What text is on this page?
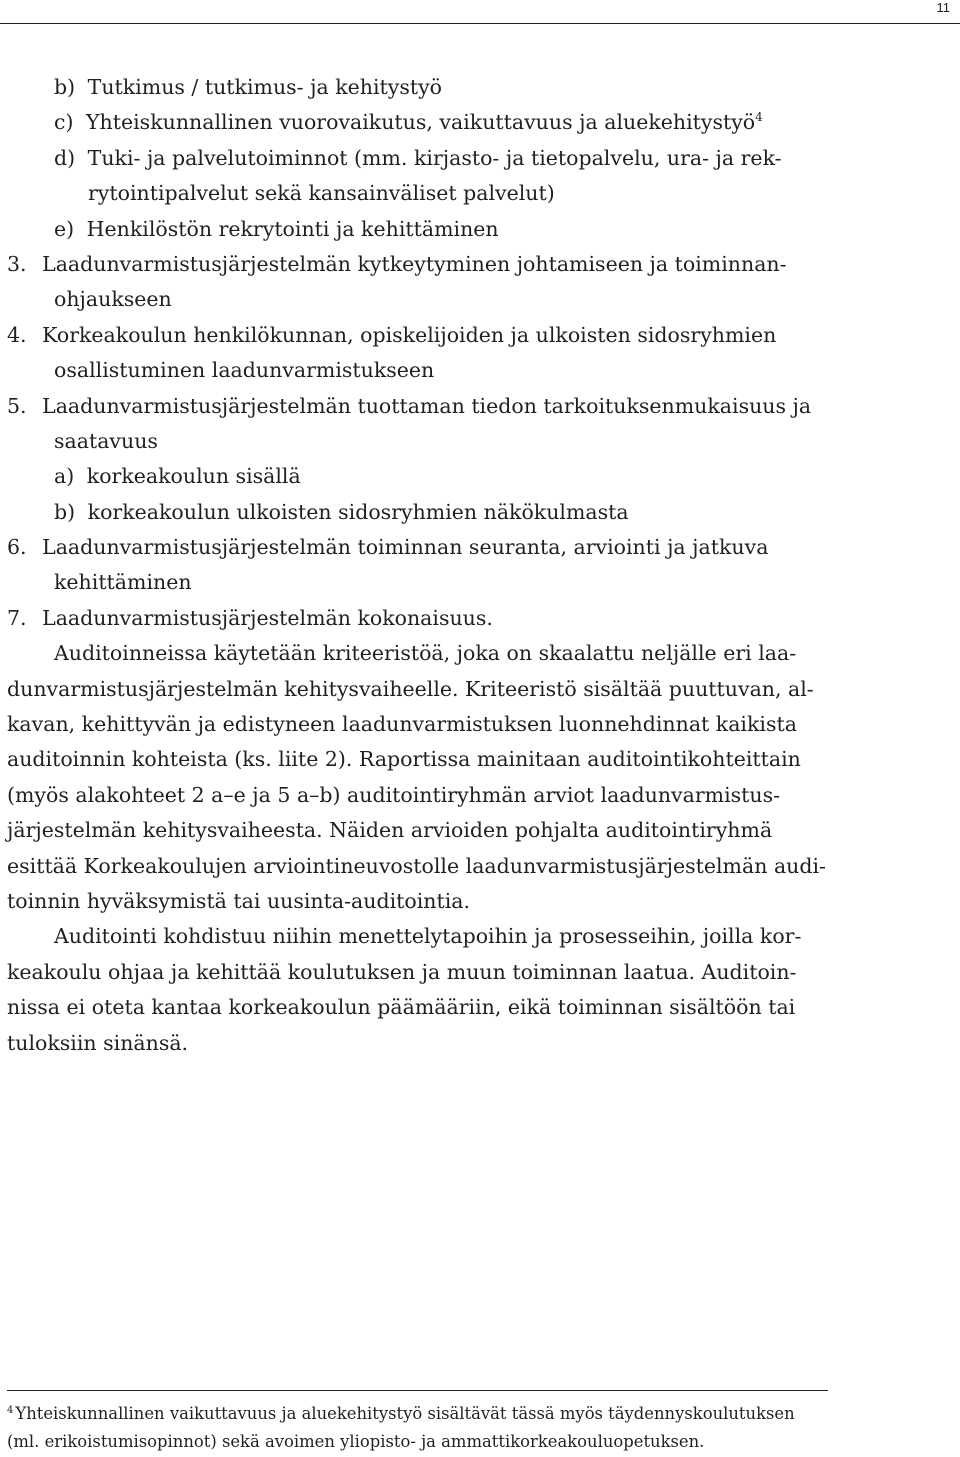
11
b) Tutkimus / tutkimus- ja kehitystyö
c) Yhteiskunnallinen vuorovaikutus, vaikuttavuus ja aluekehitystyö$^4$
d) Tuki- ja palvelutoiminnot (mm. kirjasto- ja tietopalvelu, ura- ja rek-
rytointipalvelut sekä kansainväliset palvelut)
e) Henkilöstön rekrytointi ja kehittäminen
3. Laadunvarmistusjärjestelmän kytkeytyminen johtamiseen ja toiminnan-
ohjaukseen
4. Korkeakoulun henkilökunnan, opiskelijoiden ja ulkoisten sidosryhmien
osallistuminen laadunvarmistukseen
5. Laadunvarmistusjärjestelmän tuottaman tiedon tarkoituksenmukaisuus ja
saatavuus
a) korkeakoulun sisällä
b) korkeakoulun ulkoisten sidosryhmien näkökulmasta
6. Laadunvarmistusjärjestelmän toiminnan seuranta, arviointi ja jatkuva
kehittäminen
7. Laadunvarmistusjärjestelmän kokonaisuus.
Auditoinneissa käytetään kriteeristöä, joka on skaalattu neljälle eri laa-
dunvarmistusjärjestelmän kehitysvaiheelle. Kriteeristö sisältää puuttuvan, al-
kavan, kehittyvän ja edistyneen laadunvarmistuksen luonnehdinnat kaikista
auditoinnin kohteista (ks. liite 2). Raportissa mainitaan auditointikohteittain
(myös alakohteet 2 a–e ja 5 a–b) auditointiryhmän arviot laadunvarmistus-
järjestelmän kehitysvaiheesta. Näiden arvioiden pohjalta auditointiryhmä
esittää Korkeakoulujen arviointineuvostolle laadunvarmistusjärjestelmän audi-
toinnin hyväksymistä tai uusinta-auditointia.
Auditointi kohdistuu niihin menettelytapoihin ja prosesseihin, joilla kor-
keakoulu ohjaa ja kehittää koulutuksen ja muun toiminnan laatua. Auditoin-
nissa ei oteta kantaa korkeakoulun päämääriin, eikä toiminnan sisältöön tai
tuloksiin sinänsä.
$^4$ Yhteiskunnallinen vaikuttavuus ja aluekehitystyö sisältävät tässä myös täydennyskoulutuksen
(ml. erikoistumisopinnot) sekä avoimen yliopisto- ja ammattikorkeakouluopetuksen.
